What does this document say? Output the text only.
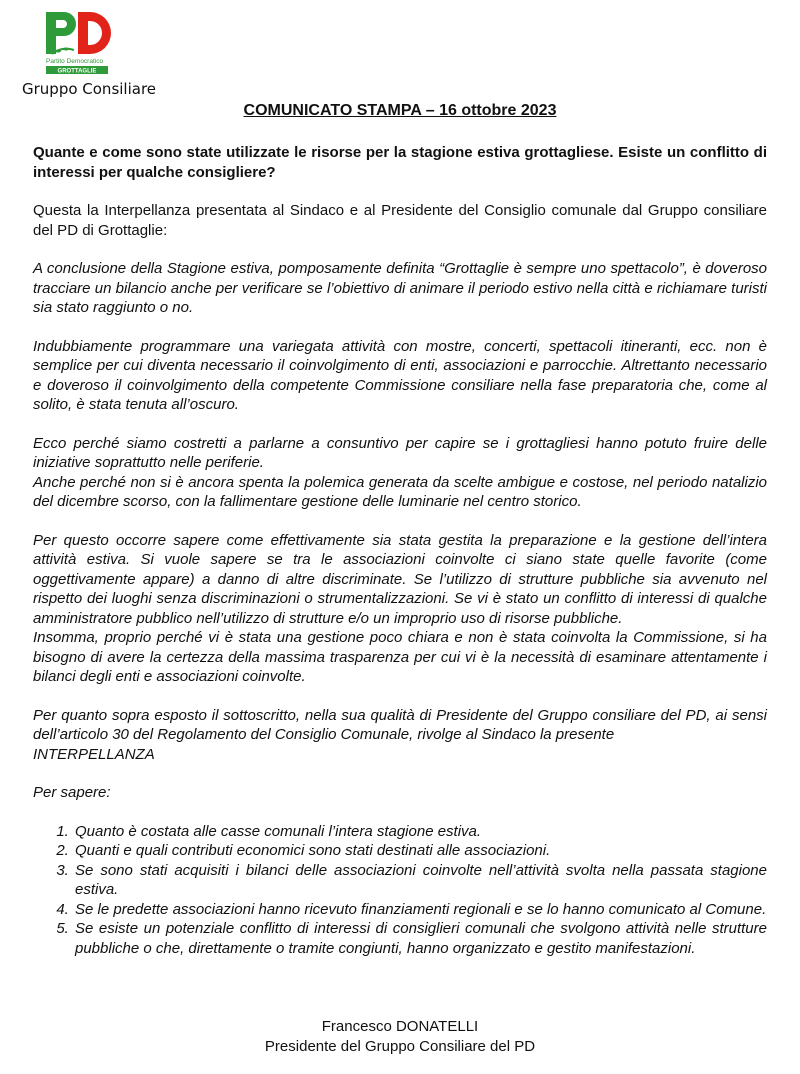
Partito Democratico
GROTTAGLIE
Gruppo Consiliare
COMUNICATO STAMPA – 16 ottobre 2023

Quante e come sono state utilizzate le risorse per la stagione estiva grottagliese. Esiste un conflitto di interessi per qualche consigliere?

Questa la Interpellanza presentata al Sindaco e al Presidente del Consiglio comunale dal Gruppo consiliare del PD di Grottaglie:

A conclusione della Stagione estiva, pomposamente definita “Grottaglie è sempre uno spettacolo”, è doveroso tracciare un bilancio anche per verificare se l’obiettivo di animare il periodo estivo nella città e richiamare turisti sia stato raggiunto o no.

Indubbiamente programmare una variegata attività con mostre, concerti, spettacoli itineranti, ecc. non è semplice per cui diventa necessario il coinvolgimento di enti, associazioni e parrocchie. Altrettanto necessario e doveroso il coinvolgimento della competente Commissione consiliare nella fase preparatoria che, come al solito, è stata tenuta all’oscuro.

Ecco perché siamo costretti a parlarne a consuntivo per capire se i grottagliesi hanno potuto fruire delle iniziative soprattutto nelle periferie.

Anche perché non si è ancora spenta la polemica generata da scelte ambigue e costose, nel periodo natalizio del dicembre scorso, con la fallimentare gestione delle luminarie nel centro storico.

Per questo occorre sapere come effettivamente sia stata gestita la preparazione e la gestione dell’intera attività estiva. Si vuole sapere se tra le associazioni coinvolte ci siano state quelle favorite (come oggettivamente appare) a danno di altre discriminate. Se l’utilizzo di strutture pubbliche sia avvenuto nel rispetto dei luoghi senza discriminazioni o strumentalizzazioni. Se vi è stato un conflitto di interessi di qualche amministratore pubblico nell’utilizzo di strutture e/o un improprio uso di risorse pubbliche.

Insomma, proprio perché vi è stata una gestione poco chiara e non è stata coinvolta la Commissione, si ha bisogno di avere la certezza della massima trasparenza per cui vi è la necessità di esaminare attentamente i bilanci degli enti e associazioni coinvolte.

Per quanto sopra esposto il sottoscritto, nella sua qualità di Presidente del Gruppo consiliare del PD, ai sensi dell’articolo 30 del Regolamento del Consiglio Comunale, rivolge al Sindaco la presente

INTERPELLANZA

Per sapere:

1. Quanto è costata alle casse comunali l’intera stagione estiva.
2. Quanti e quali contributi economici sono stati destinati alle associazioni.
3. Se sono stati acquisiti i bilanci delle associazioni coinvolte nell’attività svolta nella passata stagione estiva.
4. Se le predette associazioni hanno ricevuto finanziamenti regionali e se lo hanno comunicato al Comune.
5. Se esiste un potenziale conflitto di interessi di consiglieri comunali che svolgono attività nelle strutture pubbliche o che, direttamente o tramite congiunti, hanno organizzato e gestito manifestazioni.
Francesco DONATELLI
Presidente del Gruppo Consiliare del PD
